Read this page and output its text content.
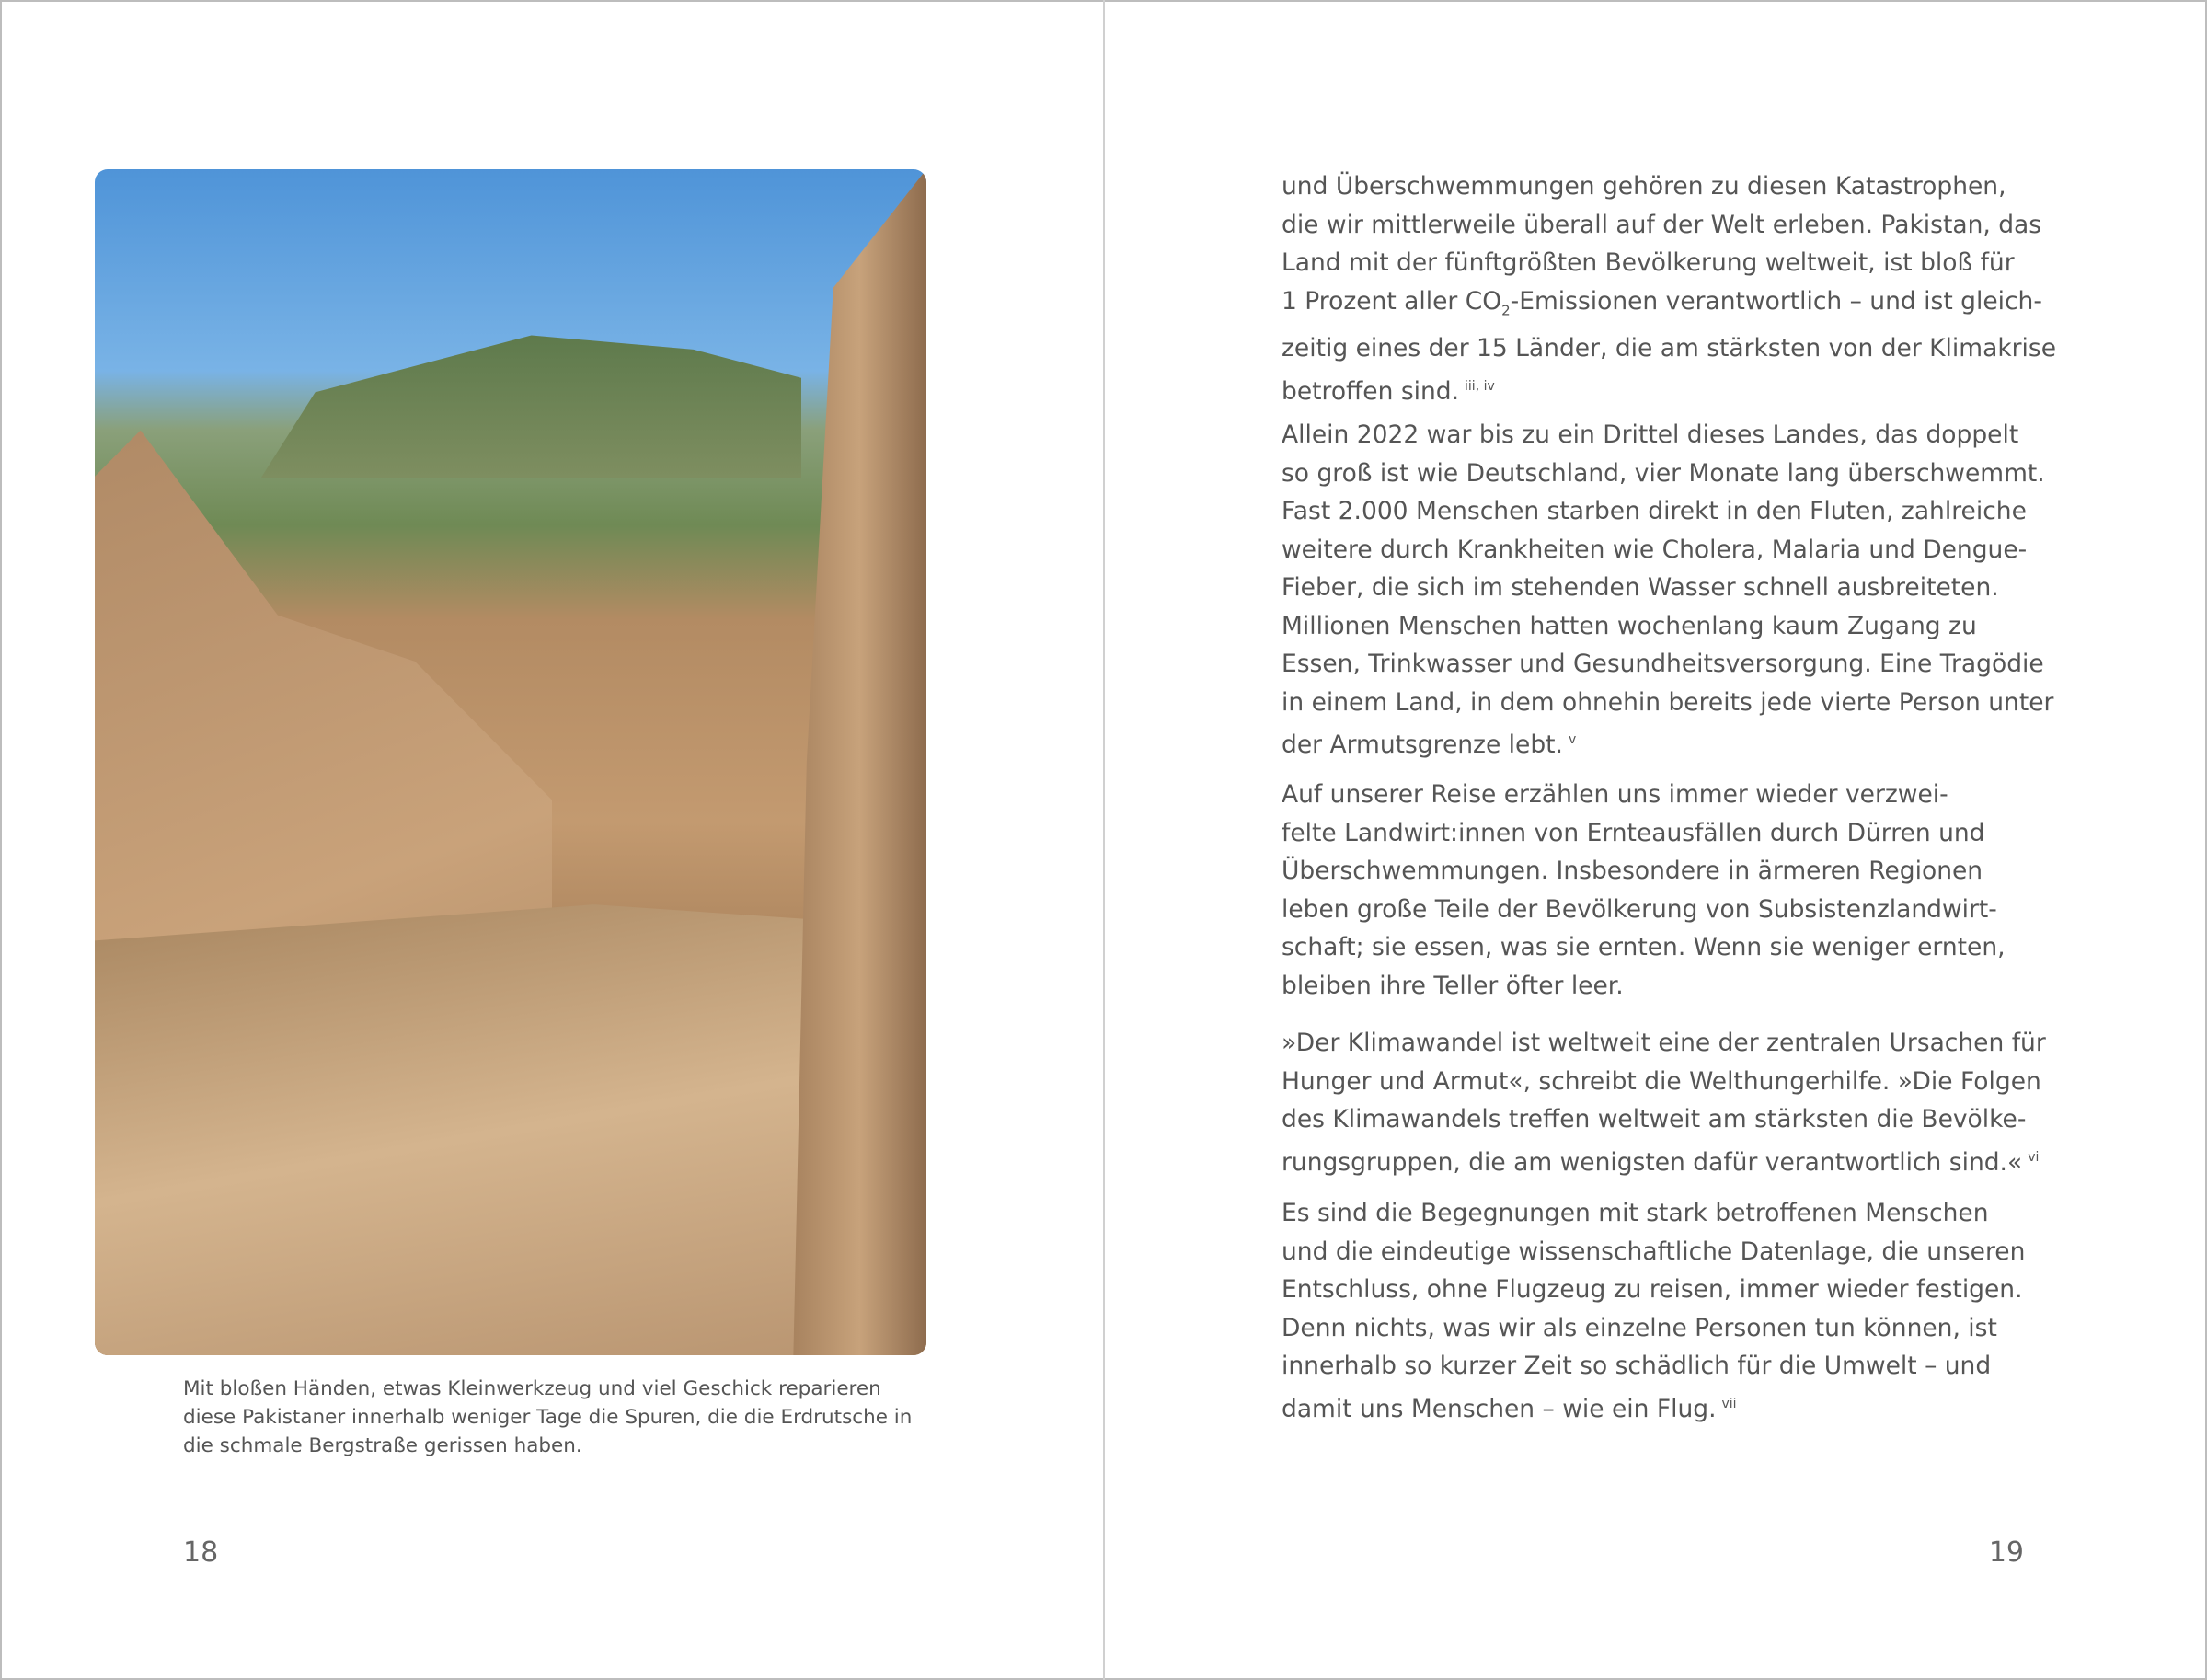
Mit bloßen Händen, etwas Kleinwerkzeug und viel Geschick reparieren
diese Pakistaner innerhalb weniger Tage die Spuren, die die Erdrutsche in
die schmale Bergstraße gerissen haben.
18	19
und Überschwemmungen gehören zu diesen Katastrophen,
die wir mittlerweile überall auf der Welt erleben. Pakistan, das
Land mit der fünftgrößten Bevölkerung weltweit, ist bloß für
1 Prozent aller $CO_2$-Emissionen verantwortlich – und ist gleich-
zeitig eines der 15 Länder, die am stärksten von der Klimakrise
betroffen sind. $^{iii, iv}$
Allein 2022 war bis zu ein Drittel dieses Landes, das doppelt
so groß ist wie Deutschland, vier Monate lang überschwemmt.
Fast 2.000 Menschen starben direkt in den Fluten, zahlreiche
weitere durch Krankheiten wie Cholera, Malaria und Dengue-
Fieber, die sich im stehenden Wasser schnell ausbreiteten.
Millionen Menschen hatten wochenlang kaum Zugang zu
Essen, Trinkwasser und Gesundheitsversorgung. Eine Tragödie
in einem Land, in dem ohnehin bereits jede vierte Person unter
der Armutsgrenze lebt. $^v$
Auf unserer Reise erzählen uns immer wieder verzwei-
felte Landwirt:innen von Ernteausfällen durch Dürren und
Überschwemmungen. Insbesondere in ärmeren Regionen
leben große Teile der Bevölkerung von Subsistenzlandwirt-
schaft; sie essen, was sie ernten. Wenn sie weniger ernten,
bleiben ihre Teller öfter leer.
»Der Klimawandel ist weltweit eine der zentralen Ursachen für
Hunger und Armut«, schreibt die Welthungerhilfe. »Die Folgen
des Klimawandels treffen weltweit am stärksten die Bevölke-
rungsgruppen, die am wenigsten dafür verantwortlich sind.« $^{vi}$
Es sind die Begegnungen mit stark betroffenen Menschen
und die eindeutige wissenschaftliche Datenlage, die unseren
Entschluss, ohne Flugzeug zu reisen, immer wieder festigen.
Denn nichts, was wir als einzelne Personen tun können, ist
innerhalb so kurzer Zeit so schädlich für die Umwelt – und
damit uns Menschen – wie ein Flug. $^{vii}$
